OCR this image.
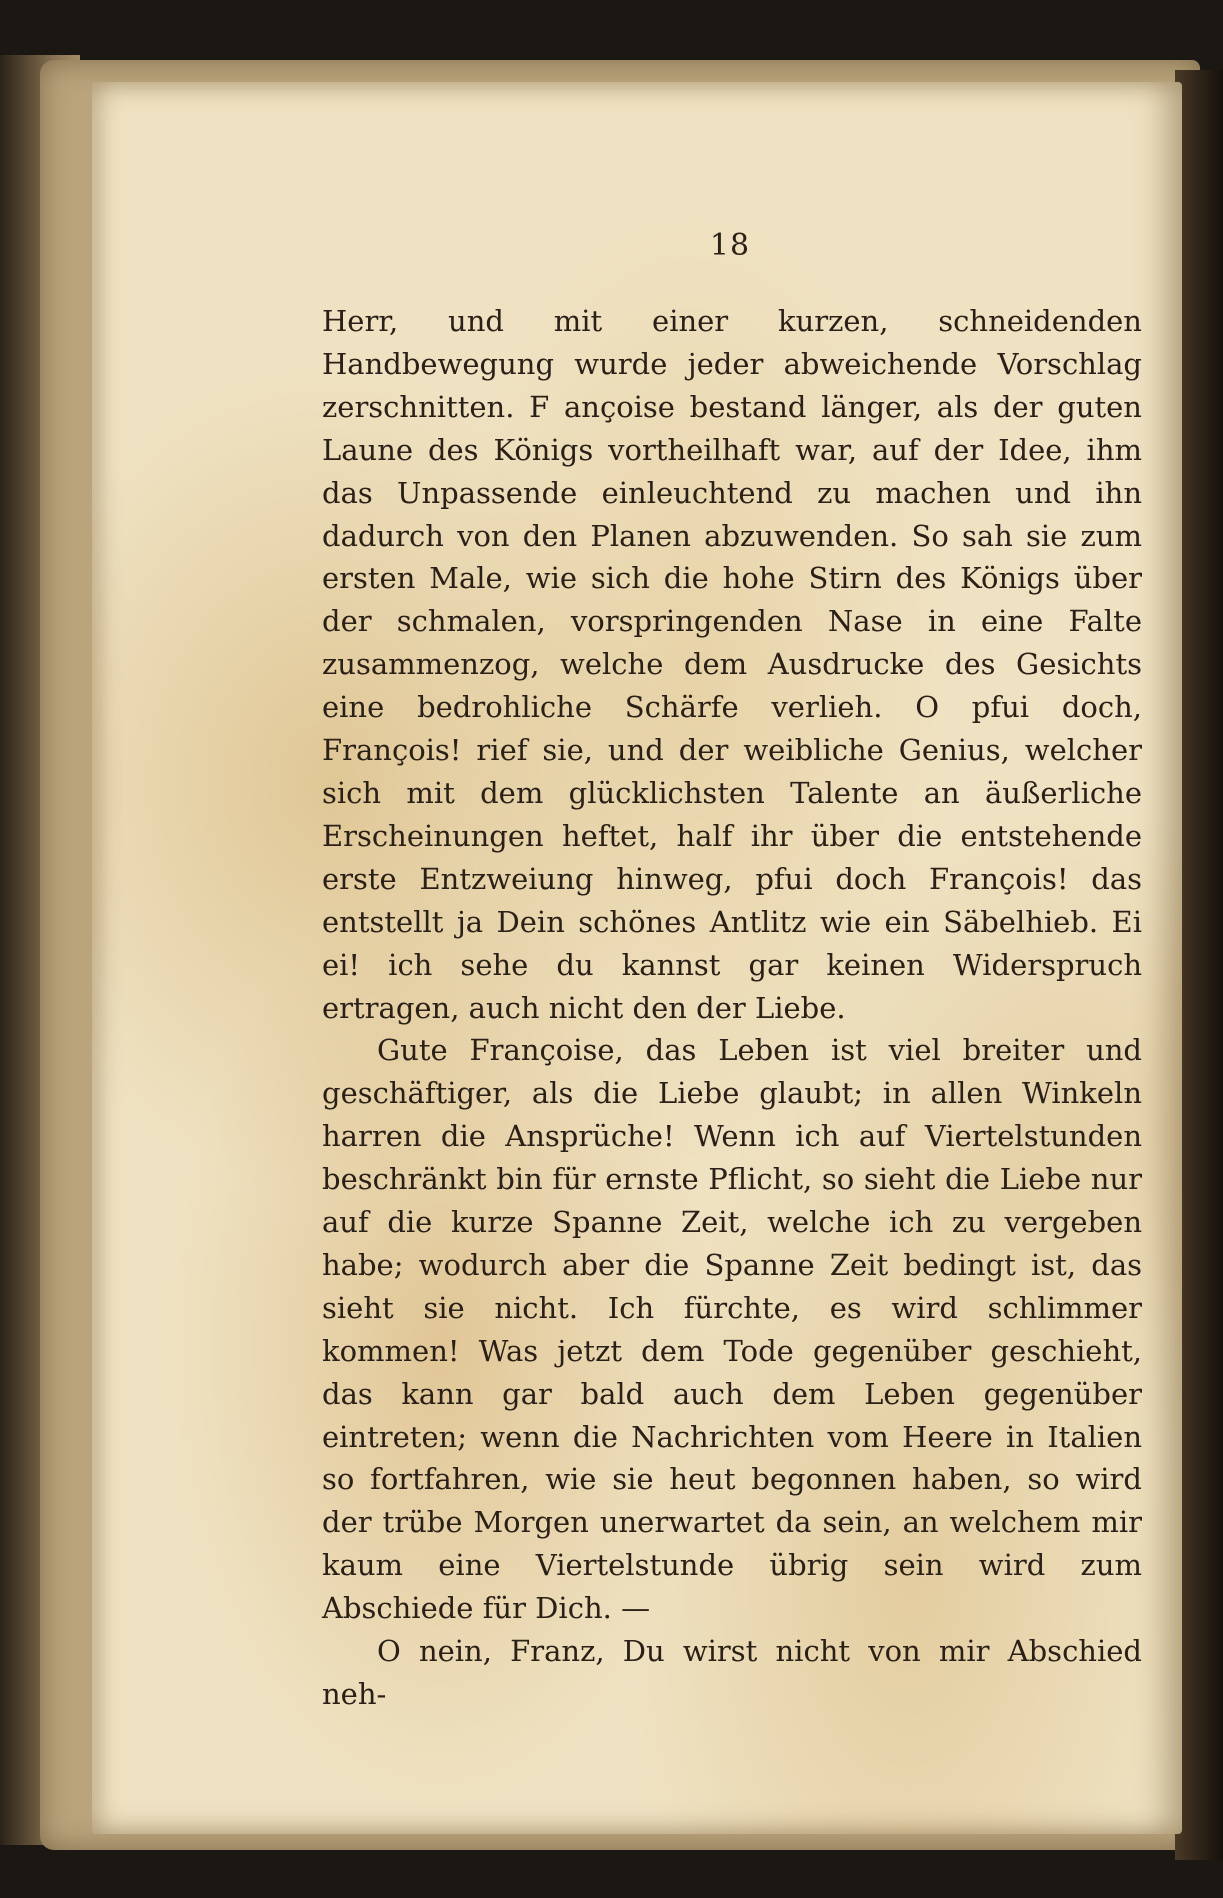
18

Herr, und mit einer kurzen, schneidenden Handbewegung wurde jeder abweichende Vorschlag zerschnitten. F ançoise bestand länger, als der guten Laune des Königs vortheilhaft war, auf der Idee, ihm das Unpassende einleuchtend zu machen und ihn dadurch von den Planen abzuwenden. So sah sie zum ersten Male, wie sich die hohe Stirn des Königs über der schmalen, vorspringenden Nase in eine Falte zusammenzog, welche dem Ausdrucke des Gesichts eine bedrohliche Schärfe verlieh. O pfui doch, François! rief sie, und der weibliche Genius, welcher sich mit dem glücklichsten Talente an äußerliche Erscheinungen heftet, half ihr über die entstehende erste Entzweiung hinweg, pfui doch François! das entstellt ja Dein schönes Antlitz wie ein Säbelhieb. Ei ei! ich sehe du kannst gar keinen Widerspruch ertragen, auch nicht den der Liebe.

Gute Françoise, das Leben ist viel breiter und geschäftiger, als die Liebe glaubt; in allen Winkeln harren die Ansprüche! Wenn ich auf Viertelstunden beschränkt bin für ernste Pflicht, so sieht die Liebe nur auf die kurze Spanne Zeit, welche ich zu vergeben habe; wodurch aber die Spanne Zeit bedingt ist, das sieht sie nicht. Ich fürchte, es wird schlimmer kommen! Was jetzt dem Tode gegenüber geschieht, das kann gar bald auch dem Leben gegenüber eintreten; wenn die Nachrichten vom Heere in Italien so fortfahren, wie sie heut begonnen haben, so wird der trübe Morgen unerwartet da sein, an welchem mir kaum eine Viertelstunde übrig sein wird zum Abschiede für Dich. —

O nein, Franz, Du wirst nicht von mir Abschied neh-
